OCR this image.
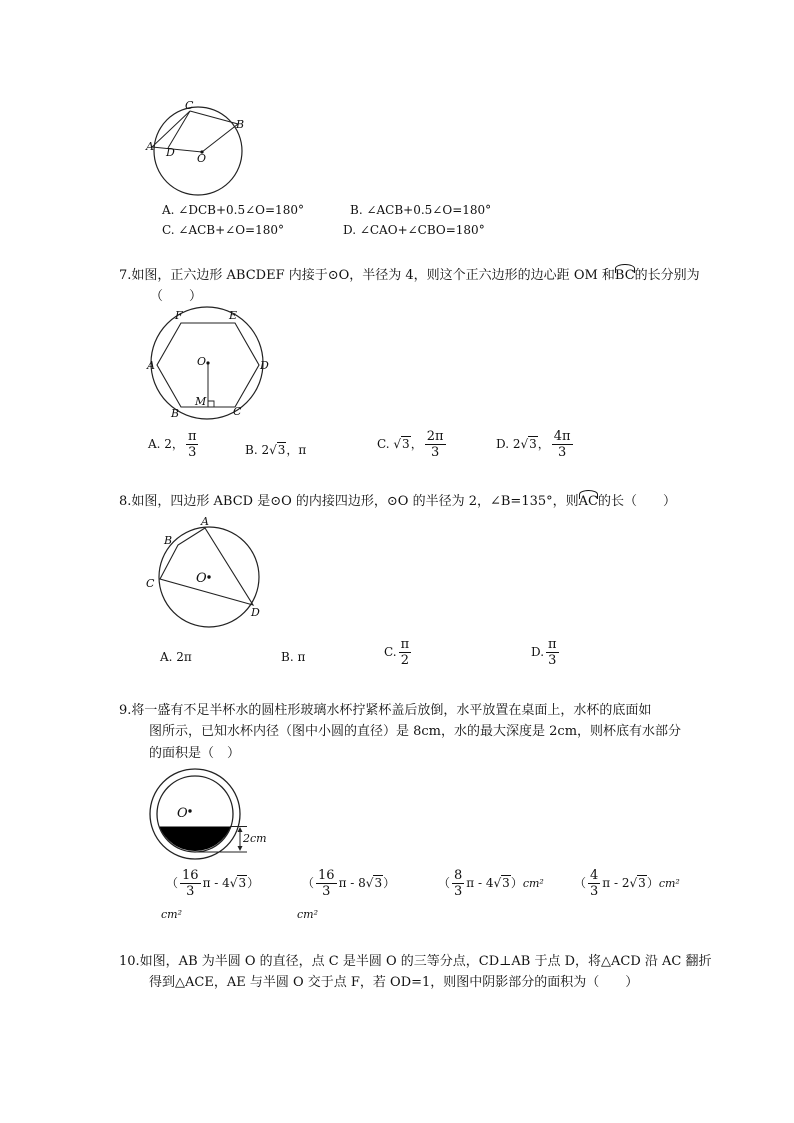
C
B
A D O
A. ∠DCB+0.5∠O=180°	B. ∠ACB+0.5∠O=180°
C. ∠ACB+∠O=180°	D. ∠CAO+∠CBO=180°
7.如图，正六边形 ABCDEF 内接于⊙O，半径为 4，则这个正六边形的边心距 OM 和BC的长分别为
（　　）
F	E
A	D
O
M
B	C
A. 2， $\frac{\pi}{3}$	B. 2√3，π	C. √3， $\frac{2\pi}{3}$	D. 2√3， $\frac{4\pi}{3}$
8.如图，四边形 ABCD 是⊙O 的内接四边形，⊙O 的半径为 2，∠B=135°，则AC的长（　　）
A
B
C	O
D
A. 2π	B. π	C. $\frac{\pi}{2}$	D. $\frac{\pi}{3}$
9.将一盛有不足半杯水的圆柱形玻璃水杯拧紧杯盖后放倒，水平放置在桌面上，水杯的底面如
图所示，已知水杯内径（图中小圆的直径）是 8cm，水的最大深度是 2cm，则杯底有水部分
的面积是（　）
O
2cm
（ $\frac{16}{3}$ π - 4√3）
cm²
（ $\frac{16}{3}$ π - 8√3）
cm²
（ $\frac{8}{3}$ π - 4√3）cm²	（ $\frac{4}{3}$ π - 2√3）cm²
10.如图，AB 为半圆 O 的直径，点 C 是半圆 O 的三等分点，CD⊥AB 于点 D，将△ACD 沿 AC 翻折
得到△ACE，AE 与半圆 O 交于点 F，若 OD=1，则图中阴影部分的面积为（　　）
